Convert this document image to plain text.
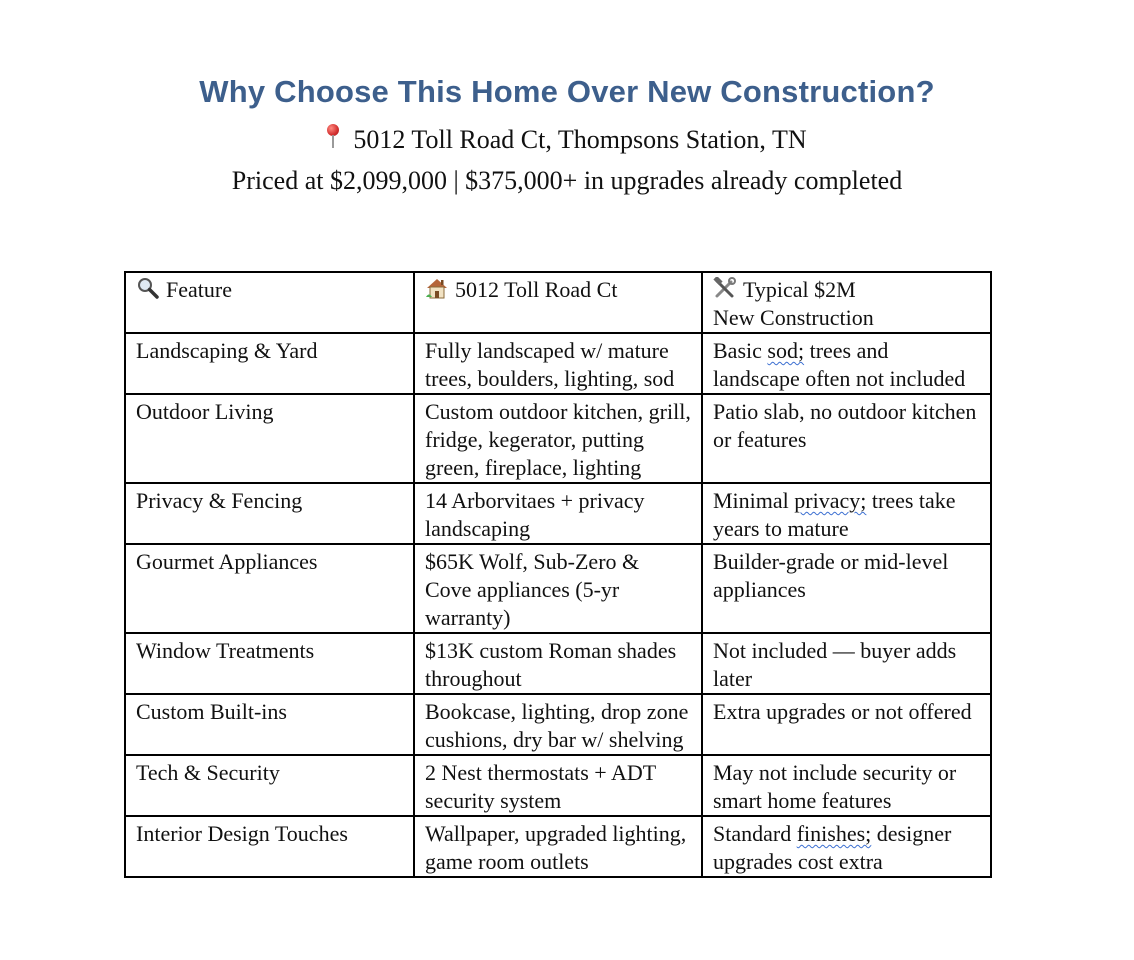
Why Choose This Home Over New Construction?
5012 Toll Road Ct, Thompsons Station, TN
Priced at $2,099,000 | $375,000+ in upgrades already completed
Feature	5012 Toll Road Ct	Typical $2M
New Construction
Landscaping & Yard	Fully landscaped w/ mature trees, boulders, lighting, sod	Basic sod; trees and landscape often not included
Outdoor Living	Custom outdoor kitchen, grill, fridge, kegerator, putting green, fireplace, lighting	Patio slab, no outdoor kitchen or features
Privacy & Fencing	14 Arborvitaes + privacy landscaping	Minimal privacy; trees take years to mature
Gourmet Appliances	$65K Wolf, Sub-Zero & Cove appliances (5-yr warranty)	Builder-grade or mid-level appliances
Window Treatments	$13K custom Roman shades throughout	Not included — buyer adds later
Custom Built-ins	Bookcase, lighting, drop zone cushions, dry bar w/ shelving	Extra upgrades or not offered
Tech & Security	2 Nest thermostats + ADT security system	May not include security or smart home features
Interior Design Touches	Wallpaper, upgraded lighting, game room outlets	Standard finishes; designer upgrades cost extra
